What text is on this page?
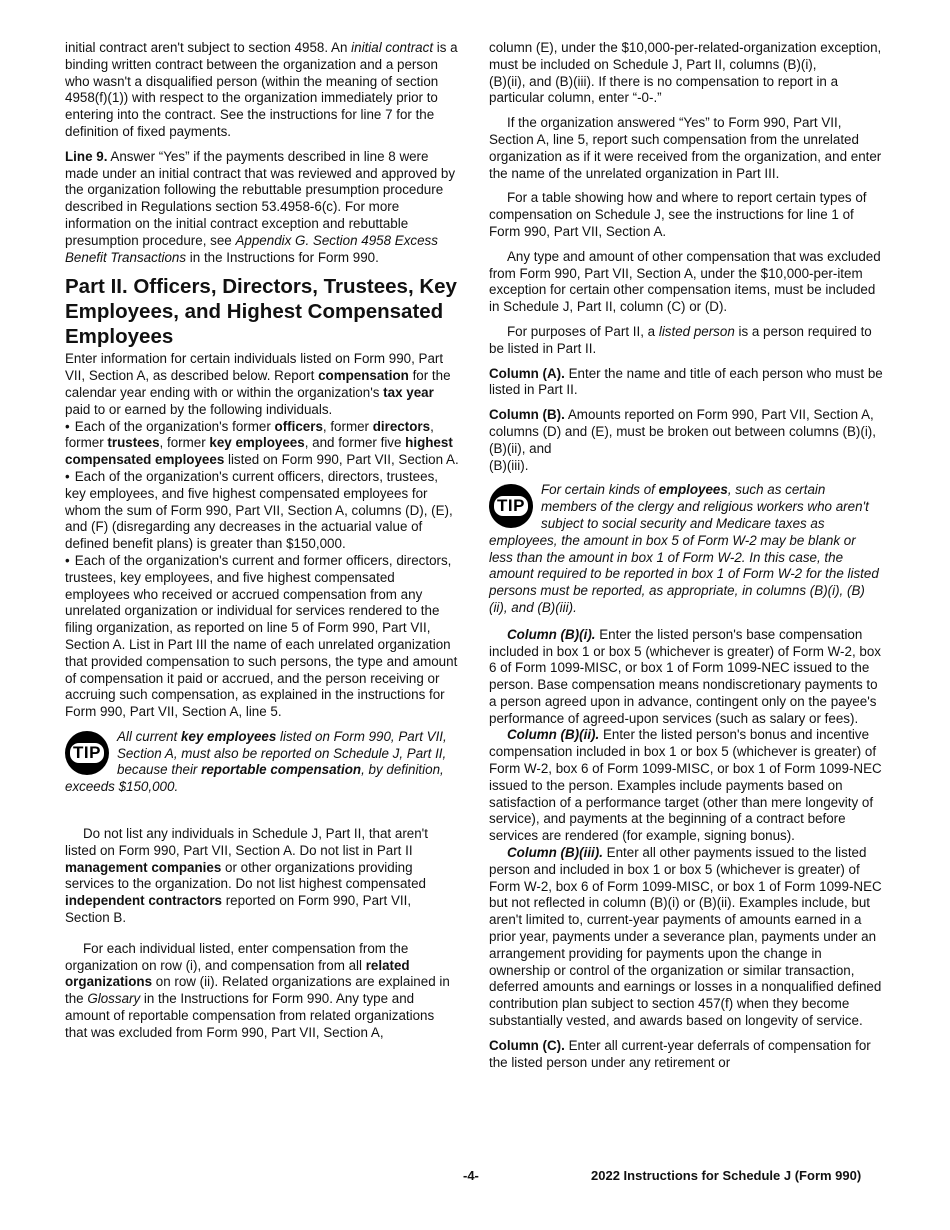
initial contract aren't subject to section 4958. An initial contract is a binding written contract between the organization and a person who wasn't a disqualified person (within the meaning of section 4958(f)(1)) with respect to the organization immediately prior to entering into the contract. See the instructions for line 7 for the definition of fixed payments.

Line 9. Answer “Yes” if the payments described in line 8 were made under an initial contract that was reviewed and approved by the organization following the rebuttable presumption procedure described in Regulations section 53.4958-6(c). For more information on the initial contract exception and rebuttable presumption procedure, see Appendix G. Section 4958 Excess Benefit Transactions in the Instructions for Form 990.

Part II. Officers, Directors, Trustees, Key Employees, and Highest Compensated Employees

Enter information for certain individuals listed on Form 990, Part VII, Section A, as described below. Report compensation for the calendar year ending with or within the organization's tax year paid to or earned by the following individuals.

• Each of the organization's former officers, former directors, former trustees, former key employees, and former five highest compensated employees listed on Form 990, Part VII, Section A.

• Each of the organization's current officers, directors, trustees, key employees, and five highest compensated employees for whom the sum of Form 990, Part VII, Section A, columns (D), (E), and (F) (disregarding any decreases in the actuarial value of defined benefit plans) is greater than $150,000.

• Each of the organization's current and former officers, directors, trustees, key employees, and five highest compensated employees who received or accrued compensation from any unrelated organization or individual for services rendered to the filing organization, as reported on line 5 of Form 990, Part VII, Section A. List in Part III the name of each unrelated organization that provided compensation to such persons, the type and amount of compensation it paid or accrued, and the person receiving or accruing such compensation, as explained in the instructions for Form 990, Part VII, Section A, line 5.

TIP
All current key employees listed on Form 990, Part VII, Section A, must also be reported on Schedule J, Part II, because their reportable compensation, by definition, exceeds $150,000.

Do not list any individuals in Schedule J, Part II, that aren't listed on Form 990, Part VII, Section A. Do not list in Part II management companies or other organizations providing services to the organization. Do not list highest compensated independent contractors reported on Form 990, Part VII, Section B.

For each individual listed, enter compensation from the organization on row (i), and compensation from all related organizations on row (ii). Related organizations are explained in the Glossary in the Instructions for Form 990. Any type and amount of reportable compensation from related organizations that was excluded from Form 990, Part VII, Section A,

column (E), under the $10,000-per-related-organization exception, must be included on Schedule J, Part II, columns (B)(i),

(B)(ii), and (B)(iii). If there is no compensation to report in a particular column, enter “-0-.”

If the organization answered “Yes” to Form 990, Part VII, Section A, line 5, report such compensation from the unrelated organization as if it were received from the organization, and enter the name of the unrelated organization in Part III.

For a table showing how and where to report certain types of compensation on Schedule J, see the instructions for line 1 of Form 990, Part VII, Section A.

Any type and amount of other compensation that was excluded from Form 990, Part VII, Section A, under the $10,000-per-item exception for certain other compensation items, must be included in Schedule J, Part II, column (C) or (D).

For purposes of Part II, a listed person is a person required to be listed in Part II.

Column (A). Enter the name and title of each person who must be listed in Part II.

Column (B). Amounts reported on Form 990, Part VII, Section A, columns (D) and (E), must be broken out between columns (B)(i), (B)(ii), and

(B)(iii).

TIP
For certain kinds of employees, such as certain members of the clergy and religious workers who aren't subject to social security and Medicare taxes as employees, the amount in box 5 of Form W-2 may be blank or less than the amount in box 1 of Form W-2. In this case, the amount required to be reported in box 1 of Form W-2 for the listed persons must be reported, as appropriate, in columns (B)(i), (B)(ii), and (B)(iii).

Column (B)(i). Enter the listed person's base compensation included in box 1 or box 5 (whichever is greater) of Form W-2, box 6 of Form 1099-MISC, or box 1 of Form 1099-NEC issued to the person. Base compensation means nondiscretionary payments to a person agreed upon in advance, contingent only on the payee's performance of agreed-upon services (such as salary or fees).

Column (B)(ii). Enter the listed person's bonus and incentive compensation included in box 1 or box 5 (whichever is greater) of Form W-2, box 6 of Form 1099-MISC, or box 1 of Form 1099-NEC issued to the person. Examples include payments based on satisfaction of a performance target (other than mere longevity of service), and payments at the beginning of a contract before services are rendered (for example, signing bonus).

Column (B)(iii). Enter all other payments issued to the listed person and included in box 1 or box 5 (whichever is greater) of Form W-2, box 6 of Form 1099-MISC, or box 1 of Form 1099-NEC but not reflected in column (B)(i) or (B)(ii). Examples include, but aren't limited to, current-year payments of amounts earned in a prior year, payments under a severance plan, payments under an arrangement providing for payments upon the change in ownership or control of the organization or similar transaction, deferred amounts and earnings or losses in a nonqualified defined contribution plan subject to section 457(f) when they become substantially vested, and awards based on longevity of service.

Column (C). Enter all current-year deferrals of compensation for the listed person under any retirement or

-4-	2022 Instructions for Schedule J (Form 990)
